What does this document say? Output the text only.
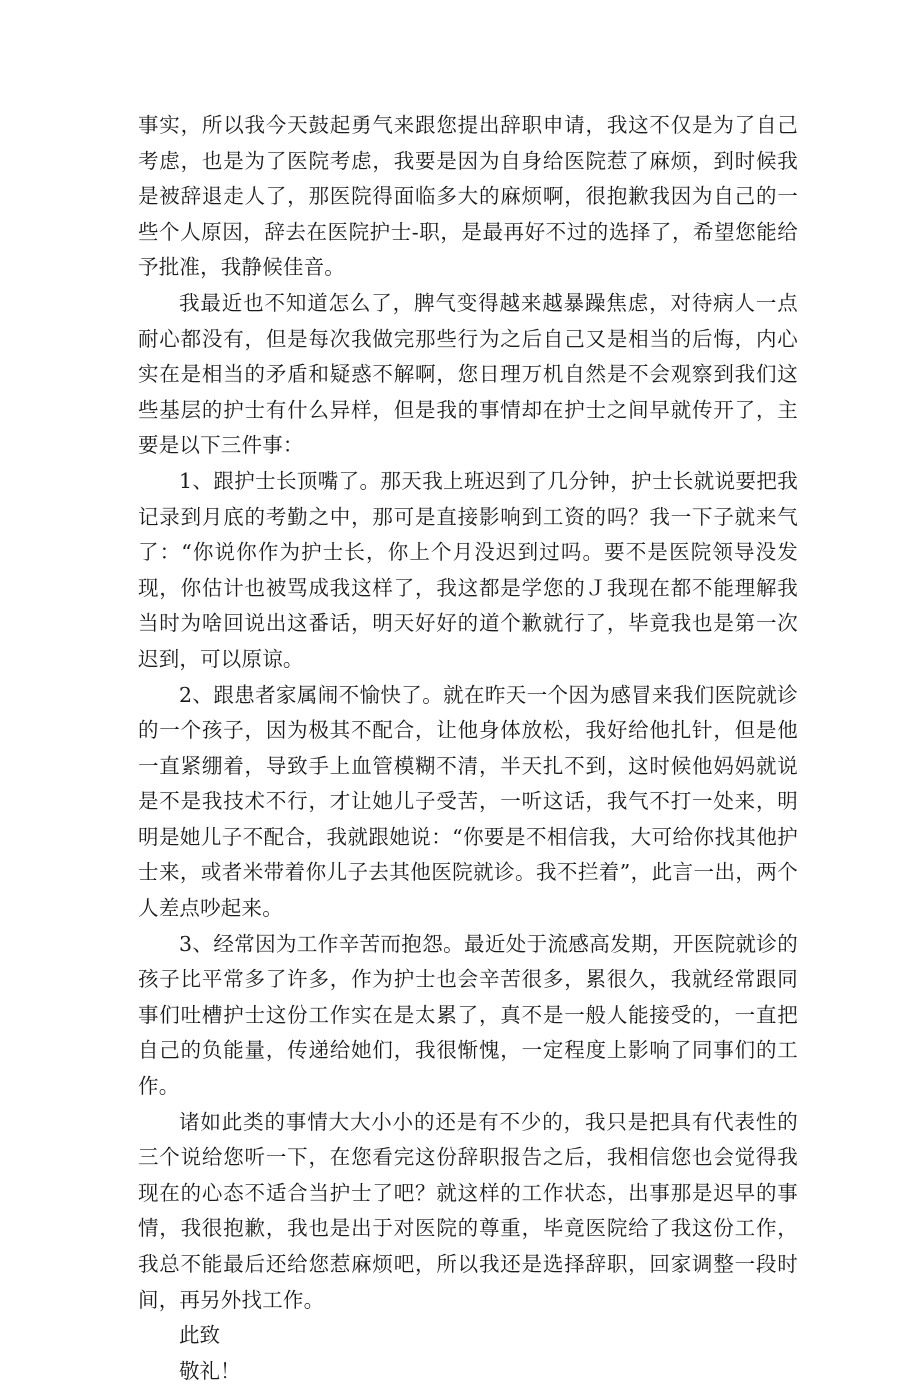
事实，所以我今天鼓起勇气来跟您提出辞职申请，我这不仅是为了自己考虑，也是为了医院考虑，我要是因为自身给医院惹了麻烦，到时候我是被辞退走人了，那医院得面临多大的麻烦啊，很抱歉我因为自己的一些个人原因，辞去在医院护士-职，是最再好不过的选择了，希望您能给予批准，我静候佳音。

我最近也不知道怎么了，脾气变得越来越暴躁焦虑，对待病人一点耐心都没有，但是每次我做完那些行为之后自己又是相当的后悔，内心实在是相当的矛盾和疑惑不解啊，您日理万机自然是不会观察到我们这些基层的护士有什么异样，但是我的事情却在护士之间早就传开了，主要是以下三件事：

1、跟护士长顶嘴了。那天我上班迟到了几分钟，护士长就说要把我记录到月底的考勤之中，那可是直接影响到工资的吗？我一下子就来气了：“你说你作为护士长，你上个月没迟到过吗。要不是医院领导没发现，你估计也被骂成我这样了，我这都是学您的Ｊ我现在都不能理解我当时为啥回说出这番话，明天好好的道个歉就行了，毕竟我也是第一次迟到，可以原谅。

2、跟患者家属闹不愉快了。就在昨天一个因为感冒来我们医院就诊的一个孩子，因为极其不配合，让他身体放松，我好给他扎针，但是他一直紧绷着，导致手上血管模糊不清，半天扎不到，这时候他妈妈就说是不是我技术不行，才让她儿子受苦，一听这话，我气不打一处来，明明是她儿子不配合，我就跟她说：“你要是不相信我，大可给你找其他护士来，或者米带着你儿子去其他医院就诊。我不拦着”，此言一出，两个人差点吵起来。

3、经常因为工作辛苦而抱怨。最近处于流感高发期，开医院就诊的孩子比平常多了许多，作为护士也会辛苦很多，累很久，我就经常跟同事们吐槽护士这份工作实在是太累了，真不是一般人能接受的，一直把自己的负能量，传递给她们，我很惭愧，一定程度上影响了同事们的工作。

诸如此类的事情大大小小的还是有不少的，我只是把具有代表性的三个说给您听一下，在您看完这份辞职报告之后，我相信您也会觉得我现在的心态不适合当护士了吧？就这样的工作状态，出事那是迟早的事情，我很抱歉，我也是出于对医院的尊重，毕竟医院给了我这份工作，我总不能最后还给您惹麻烦吧，所以我还是选择辞职，回家调整一段时间，再另外找工作。

此致

敬礼！
